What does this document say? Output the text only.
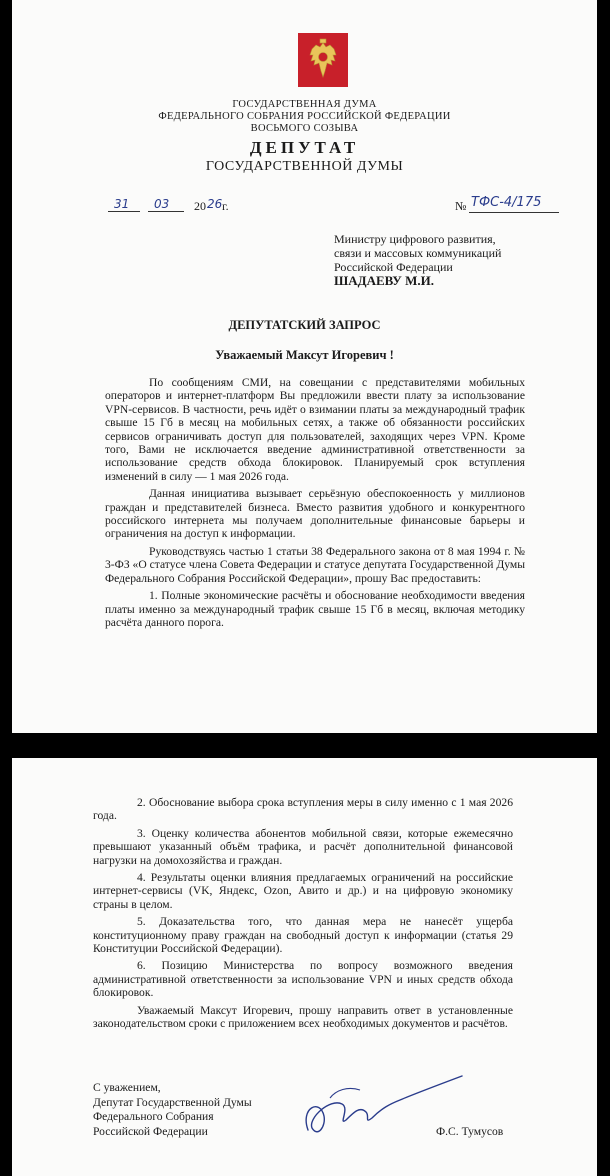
ГОСУДАРСТВЕННАЯ ДУМА
ФЕДЕРАЛЬНОГО СОБРАНИЯ РОССИЙСКОЙ ФЕДЕРАЦИИ
ВОСЬМОГО СОЗЫВА
ДЕПУТАТ
ГОСУДАРСТВЕННОЙ ДУМЫ
31 03 20 26 г.	№ ТФС-4/175
Министру цифрового развития,
связи и массовых коммуникаций
Российской Федерации
ШАДАЕВУ М.И.
ДЕПУТАТСКИЙ ЗАПРОС
Уважаемый Максут Игоревич !

По сообщениям СМИ, на совещании с представителями мобильных операторов и интернет-платформ Вы предложили ввести плату за использование VPN-сервисов. В частности, речь идёт о взимании платы за международный трафик свыше 15 Гб в месяц на мобильных сетях, а также об обязанности российских сервисов ограничивать доступ для пользователей, заходящих через VPN. Кроме того, Вами не исключается введение административной ответственности за использование средств обхода блокировок. Планируемый срок вступления изменений в силу — 1 мая 2026 года.

Данная инициатива вызывает серьёзную обеспокоенность у миллионов граждан и представителей бизнеса. Вместо развития удобного и конкурентного российского интернета мы получаем дополнительные финансовые барьеры и ограничения на доступ к информации.

Руководствуясь частью 1 статьи 38 Федерального закона от 8 мая 1994 г. № 3-ФЗ «О статусе члена Совета Федерации и статусе депутата Государственной Думы Федерального Собрания Российской Федерации», прошу Вас предоставить:

1. Полные экономические расчёты и обоснование необходимости введения платы именно за международный трафик свыше 15 Гб в месяц, включая методику расчёта данного порога.

2. Обоснование выбора срока вступления меры в силу именно с 1 мая 2026 года.

3. Оценку количества абонентов мобильной связи, которые ежемесячно превышают указанный объём трафика, и расчёт дополнительной финансовой нагрузки на домохозяйства и граждан.

4. Результаты оценки влияния предлагаемых ограничений на российские интернет-сервисы (VK, Яндекс, Ozon, Авито и др.) и на цифровую экономику страны в целом.

5. Доказательства того, что данная мера не нанесёт ущерба конституционному праву граждан на свободный доступ к информации (статья 29 Конституции Российской Федерации).

6. Позицию Министерства по вопросу возможного введения административной ответственности за использование VPN и иных средств обхода блокировок.

Уважаемый Максут Игоревич, прошу направить ответ в установленные законодательством сроки с приложением всех необходимых документов и расчётов.

С уважением,
Депутат Государственной Думы
Федерального Собрания
Российской Федерации	Ф.С. Тумусов
